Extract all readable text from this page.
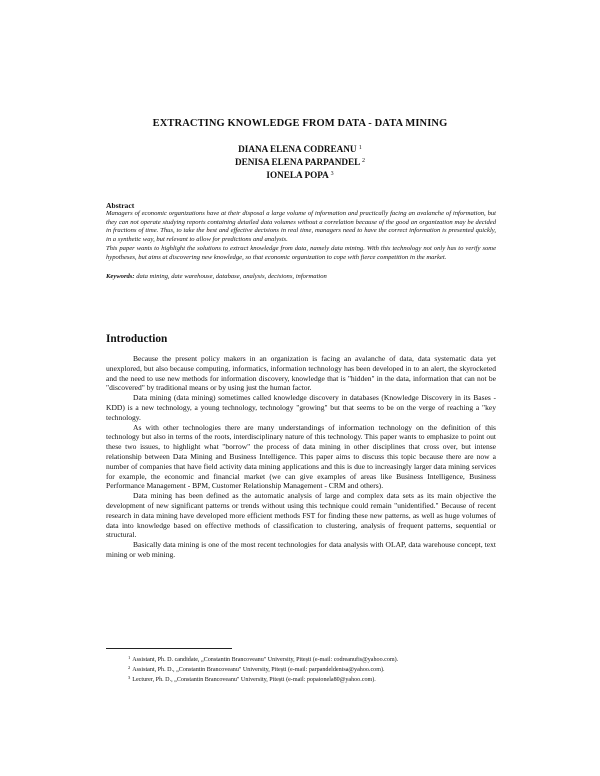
EXTRACTING KNOWLEDGE FROM DATA - DATA MINING
DIANA ELENA CODREANU $^1$
DENISA ELENA PARPANDEL $^2$
IONELA POPA $^3$
Abstract

Managers of economic organizations have at their disposal a large volume of information and practically facing an avalanche of information, but they can not operate studying reports containing detailed data volumes without a correlation because of the good an organization may be decided in fractions of time. Thus, to take the best and effective decisions in real time, managers need to have the correct information is presented quickly, in a synthetic way, but relevant to allow for predictions and analysis.

This paper wants to highlight the solutions to extract knowledge from data, namely data mining. With this technology not only has to verify some hypotheses, but aims at discovering new knowledge, so that economic organization to cope with fierce competition in the market.

Keywords: data mining, date warehouse, database, analysis, decisions, information
Introduction

Because the present policy makers in an organization is facing an avalanche of data, data systematic data yet unexplored, but also because computing, informatics, information technology has been developed in to an alert, the skyrocketed and the need to use new methods for information discovery, knowledge that is "hidden" in the data, information that can not be "discovered" by traditional means or by using just the human factor.

Data mining (data mining) sometimes called knowledge discovery in databases (Knowledge Discovery in its Bases - KDD) is a new technology, a young technology, technology "growing" but that seems to be on the verge of reaching a "key technology.

As with other technologies there are many understandings of information technology on the definition of this technology but also in terms of the roots, interdisciplinary nature of this technology. This paper wants to emphasize to point out these two issues, to highlight what "borrow" the process of data mining in other disciplines that cross over, but intense relationship between Data Mining and Business Intelligence. This paper aims to discuss this topic because there are now a number of companies that have field activity data mining applications and this is due to increasingly larger data mining services for example, the economic and financial market (we can give examples of areas like Business Intelligence, Business Performance Management - BPM, Customer Relationship Management - CRM and others).

Data mining has been defined as the automatic analysis of large and complex data sets as its main objective the development of new significant patterns or trends without using this technique could remain "unidentified." Because of recent research in data mining have developed more efficient methods FST for finding these new patterns, as well as huge volumes of data into knowledge based on effective methods of classification to clustering, analysis of frequent patterns, sequential or structural.

Basically data mining is one of the most recent technologies for data analysis with OLAP, data warehouse concept, text mining or web mining.

$^1$ Assistant, Ph. D. candidate, „Constantin Brancoveanu" University, Pitești (e-mail: codreanufis@yahoo.com).
$^2$ Assistant, Ph. D., „Constantin Brancoveanu" University, Pitești (e-mail: parpandeldenisa@yahoo.com).
$^3$ Lecturer, Ph. D., „Constantin Brancoveanu" University, Pitești (e-mail: popaionela80@yahoo.com).
